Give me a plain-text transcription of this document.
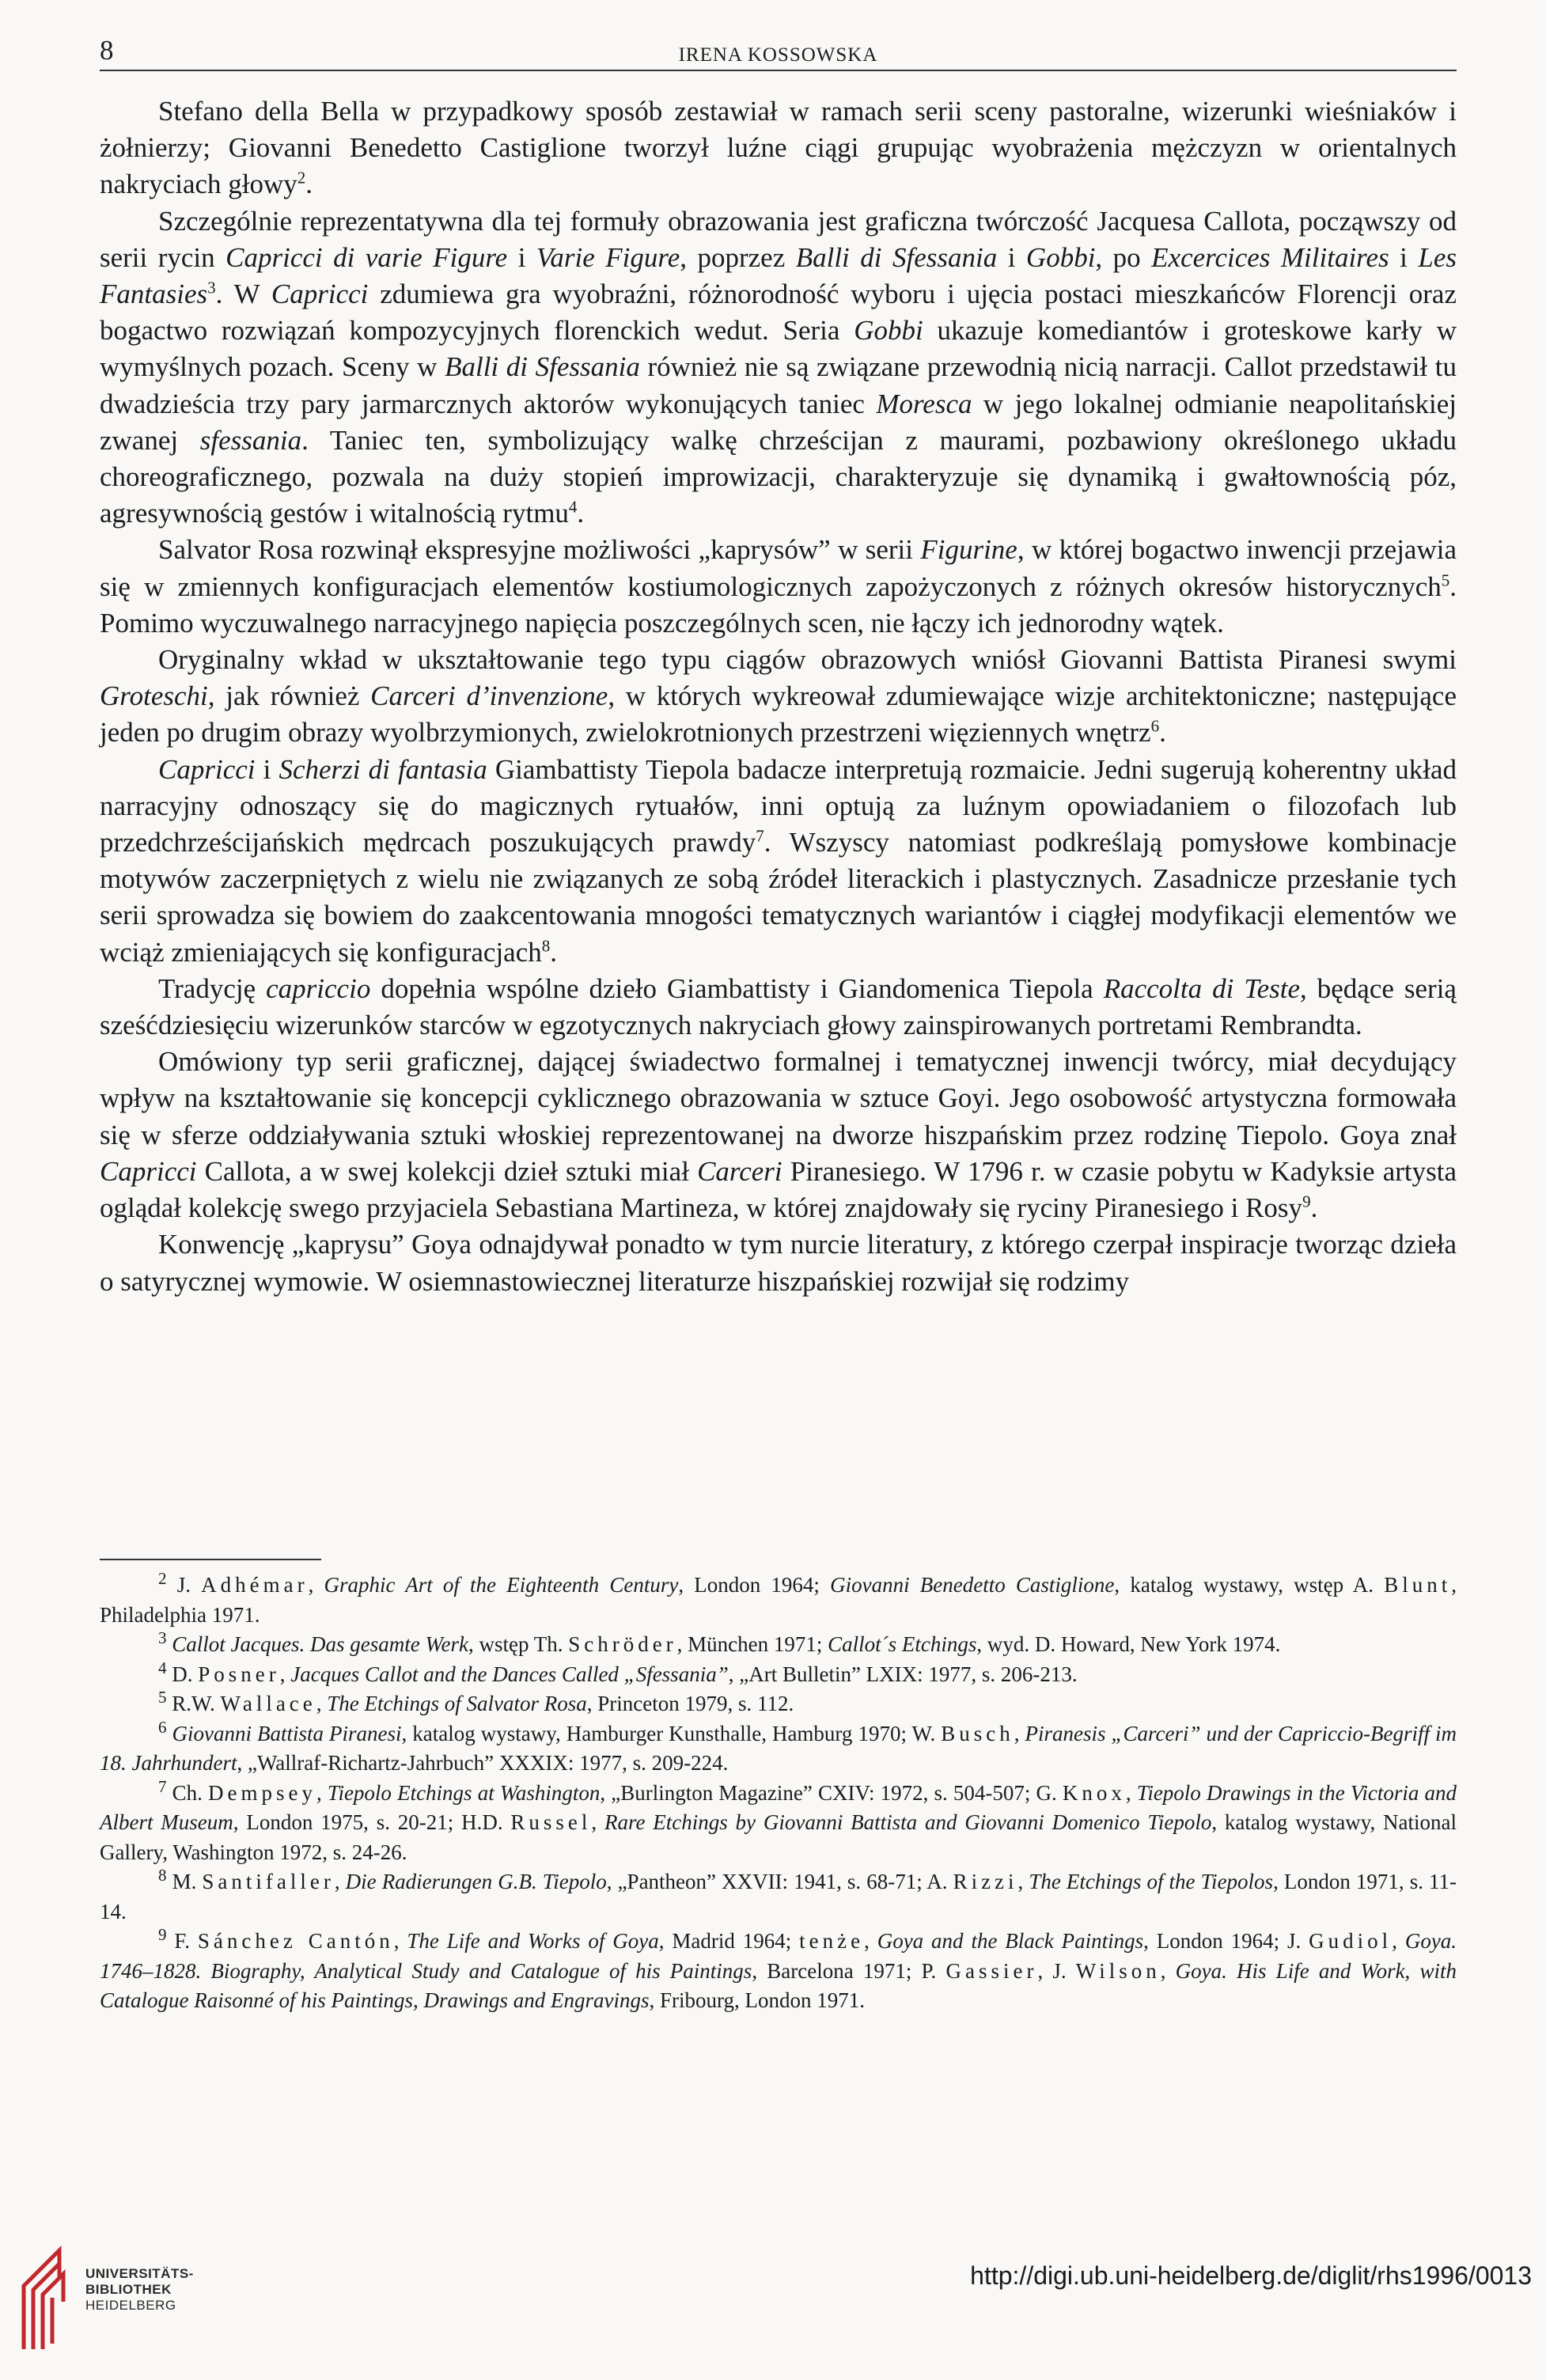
8	IRENA KOSSOWSKA

Stefano della Bella w przypadkowy sposób zestawiał w ramach serii sceny pastoralne, wizerunki wieśniaków i żołnierzy; Giovanni Benedetto Castiglione tworzył luźne ciągi grupując wyobrażenia mężczyzn w orientalnych nakryciach głowy$^2$.

Szczególnie reprezentatywna dla tej formuły obrazowania jest graficzna twórczość Jacquesa Callota, począwszy od serii rycin Capricci di varie Figure i Varie Figure, poprzez Balli di Sfessania i Gobbi, po Excercices Militaires i Les Fantasies$^3$. W Capricci zdumiewa gra wyobraźni, różnorodność wyboru i ujęcia postaci mieszkańców Florencji oraz bogactwo rozwiązań kompozycyjnych florenckich wedut. Seria Gobbi ukazuje komediantów i groteskowe karły w wymyślnych pozach. Sceny w Balli di Sfessania również nie są związane przewodnią nicią narracji. Callot przedstawił tu dwadzieścia trzy pary jarmarcznych aktorów wykonujących taniec Moresca w jego lokalnej odmianie neapolitańskiej zwanej sfessania. Taniec ten, symbolizujący walkę chrześcijan z maurami, pozbawiony określonego układu choreograficznego, pozwala na duży stopień improwizacji, charakteryzuje się dynamiką i gwałtownością póz, agresywnością gestów i witalnością rytmu$^4$.

Salvator Rosa rozwinął ekspresyjne możliwości „kaprysów” w serii Figurine, w której bogactwo inwencji przejawia się w zmiennych konfiguracjach elementów kostiumologicznych zapożyczonych z różnych okresów historycznych$^5$. Pomimo wyczuwalnego narracyjnego napięcia poszczególnych scen, nie łączy ich jednorodny wątek.

Oryginalny wkład w ukształtowanie tego typu ciągów obrazowych wniósł Giovanni Battista Piranesi swymi Groteschi, jak również Carceri d’invenzione, w których wykreował zdumiewające wizje architektoniczne; następujące jeden po drugim obrazy wyolbrzymionych, zwielokrotnionych przestrzeni więziennych wnętrz$^6$.

Capricci i Scherzi di fantasia Giambattisty Tiepola badacze interpretują rozmaicie. Jedni sugerują koherentny układ narracyjny odnoszący się do magicznych rytuałów, inni optują za luźnym opowiadaniem o filozofach lub przedchrześcijańskich mędrcach poszukujących prawdy$^7$. Wszyscy natomiast podkreślają pomysłowe kombinacje motywów zaczerpniętych z wielu nie związanych ze sobą źródeł literackich i plastycznych. Zasadnicze przesłanie tych serii sprowadza się bowiem do zaakcentowania mnogości tematycznych wariantów i ciągłej modyfikacji elementów we wciąż zmieniających się konfiguracjach$^8$.

Tradycję capriccio dopełnia wspólne dzieło Giambattisty i Giandomenica Tiepola Raccolta di Teste, będące serią sześćdziesięciu wizerunków starców w egzotycznych nakryciach głowy zainspirowanych portretami Rembrandta.

Omówiony typ serii graficznej, dającej świadectwo formalnej i tematycznej inwencji twórcy, miał decydujący wpływ na kształtowanie się koncepcji cyklicznego obrazowania w sztuce Goyi. Jego osobowość artystyczna formowała się w sferze oddziaływania sztuki włoskiej reprezentowanej na dworze hiszpańskim przez rodzinę Tiepolo. Goya znał Capricci Callota, a w swej kolekcji dzieł sztuki miał Carceri Piranesiego. W 1796 r. w czasie pobytu w Kadyksie artysta oglądał kolekcję swego przyjaciela Sebastiana Martineza, w której znajdowały się ryciny Piranesiego i Rosy$^9$.

Konwencję „kaprysu” Goya odnajdywał ponadto w tym nurcie literatury, z którego czerpał inspiracje tworząc dzieła o satyrycznej wymowie. W osiemnastowiecznej literaturze hiszpańskiej rozwijał się rodzimy

$^2$ J. Adhémar, Graphic Art of the Eighteenth Century, London 1964; Giovanni Benedetto Castiglione, katalog wystawy, wstęp A. Blunt, Philadelphia 1971.

$^3$ Callot Jacques. Das gesamte Werk, wstęp Th. Schröder, München 1971; Callot´s Etchings, wyd. D. Howard, New York 1974.

$^4$ D. Posner, Jacques Callot and the Dances Called „Sfessania”, „Art Bulletin” LXIX: 1977, s. 206-213.

$^5$ R.W. Wallace, The Etchings of Salvator Rosa, Princeton 1979, s. 112.

$^6$ Giovanni Battista Piranesi, katalog wystawy, Hamburger Kunsthalle, Hamburg 1970; W. Busch, Piranesis „Carceri” und der Capriccio-Begriff im 18. Jahrhundert, „Wallraf-Richartz-Jahrbuch” XXXIX: 1977, s. 209-224.

$^7$ Ch. Dempsey, Tiepolo Etchings at Washington, „Burlington Magazine” CXIV: 1972, s. 504-507; G. Knox, Tiepolo Drawings in the Victoria and Albert Museum, London 1975, s. 20-21; H.D. Russel, Rare Etchings by Giovanni Battista and Giovanni Domenico Tiepolo, katalog wystawy, National Gallery, Washington 1972, s. 24-26.

$^8$ M. Santifaller, Die Radierungen G.B. Tiepolo, „Pantheon” XXVII: 1941, s. 68-71; A. Rizzi, The Etchings of the Tiepolos, London 1971, s. 11-14.

$^9$ F. Sánchez Cantón, The Life and Works of Goya, Madrid 1964; tenże, Goya and the Black Paintings, London 1964; J. Gudiol, Goya. 1746–1828. Biography, Analytical Study and Catalogue of his Paintings, Barcelona 1971; P. Gassier, J. Wilson, Goya. His Life and Work, with Catalogue Raisonné of his Paintings, Drawings and Engravings, Fribourg, London 1971.

UNIVERSITÄTS-
BIBLIOTHEK
HEIDELBERG
http://digi.ub.uni-heidelberg.de/diglit/rhs1996/0013
